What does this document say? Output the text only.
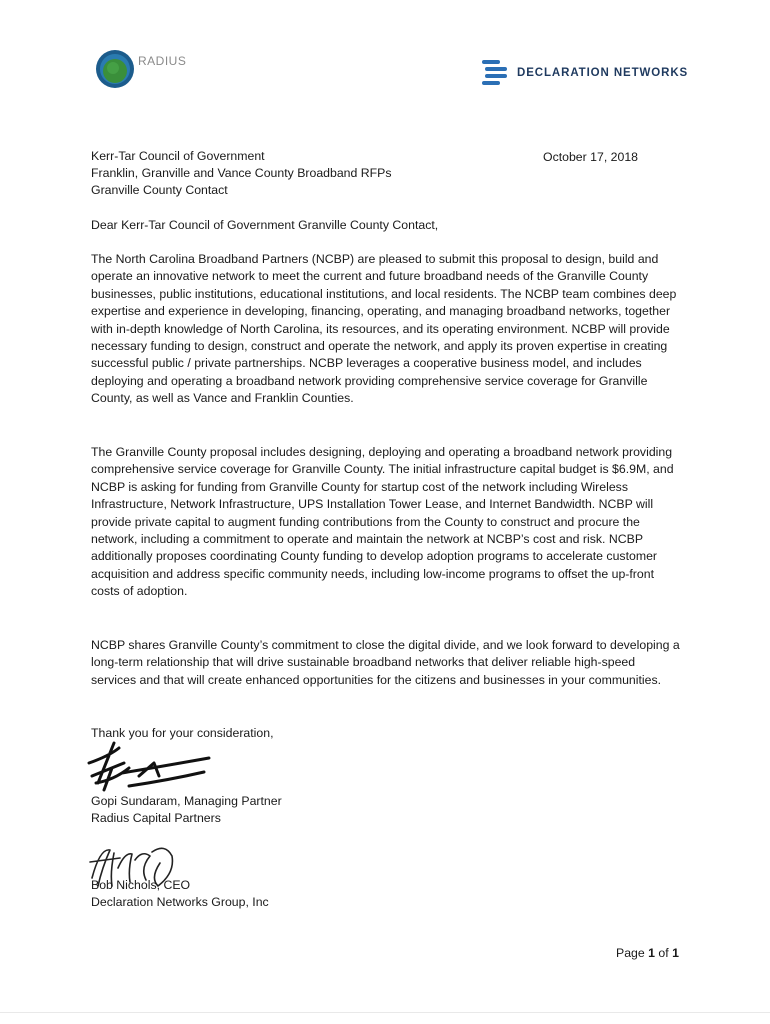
RADIUS
DECLARATION NETWORKS
Kerr-Tar Council of Government
Franklin, Granville and Vance County Broadband RFPs
Granville County Contact
October 17, 2018
Dear Kerr-Tar Council of Government Granville County Contact,
The North Carolina Broadband Partners (NCBP) are pleased to submit this proposal to design, build and operate an innovative network to meet the current and future broadband needs of the Granville County businesses, public institutions, educational institutions, and local residents. The NCBP team combines deep expertise and experience in developing, financing, operating, and managing broadband networks, together with in-depth knowledge of North Carolina, its resources, and its operating environment. NCBP will provide necessary funding to design, construct and operate the network, and apply its proven expertise in creating successful public / private partnerships. NCBP leverages a cooperative business model, and includes deploying and operating a broadband network providing comprehensive service coverage for Granville County, as well as Vance and Franklin Counties.
The Granville County proposal includes designing, deploying and operating a broadband network providing comprehensive service coverage for Granville County. The initial infrastructure capital budget is $6.9M, and NCBP is asking for funding from Granville County for startup cost of the network including Wireless Infrastructure, Network Infrastructure, UPS Installation Tower Lease, and Internet Bandwidth. NCBP will provide private capital to augment funding contributions from the County to construct and procure the network, including a commitment to operate and maintain the network at NCBP’s cost and risk. NCBP additionally proposes coordinating County funding to develop adoption programs to accelerate customer acquisition and address specific community needs, including low-income programs to offset the up-front costs of adoption.
NCBP shares Granville County’s commitment to close the digital divide, and we look forward to developing a long-term relationship that will drive sustainable broadband networks that deliver reliable high-speed services and that will create enhanced opportunities for the citizens and businesses in your communities.
Thank you for your consideration,
Gopi Sundaram, Managing Partner
Radius Capital Partners
Bob Nichols, CEO
Declaration Networks Group, Inc
Page 1 of 1
